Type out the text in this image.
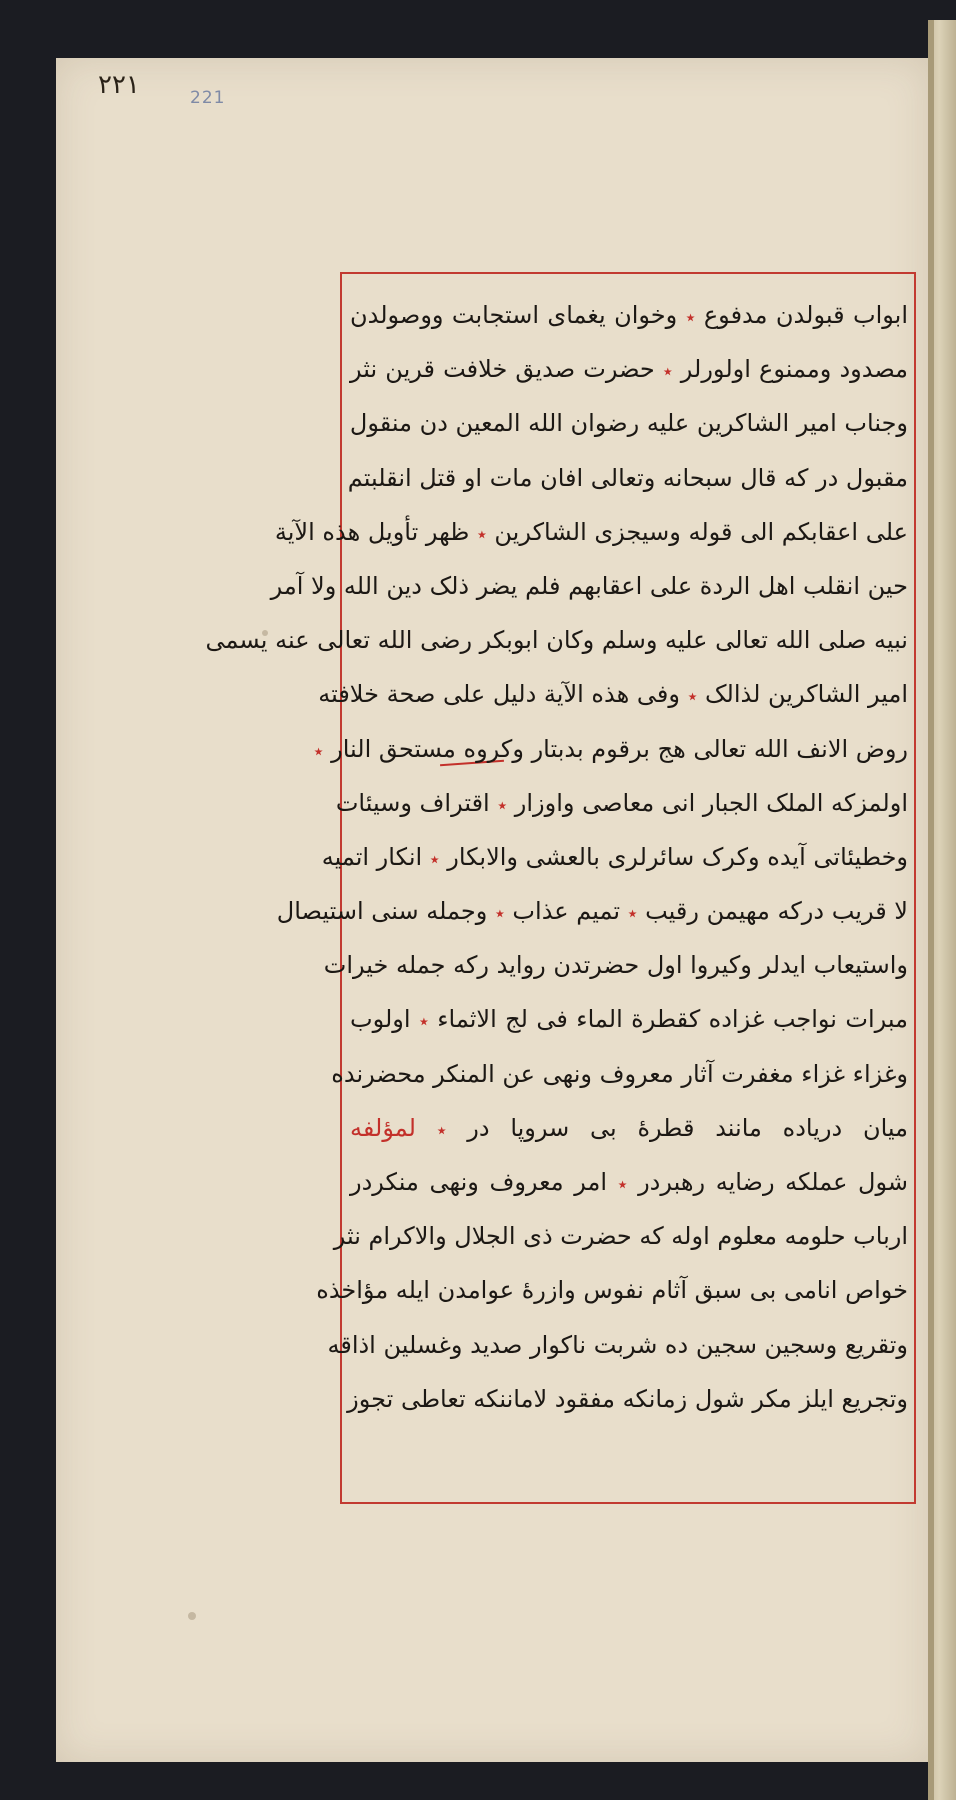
٢٢١	221
ابواب قبولدن مدفوع ٭ وخوان یغمای استجابت ووصولدن
مصدود وممنوع اولورلر ٭ حضرت صدیق خلافت قرین نثر
وجناب امیر الشاکرین علیه رضوان الله المعین دن منقول
مقبول در که قال سبحانه وتعالی افان مات او قتل انقلبتم
علی اعقابکم الی قوله وسیجزی الشاکرین ٭ ظهر تأویل هذه الآیة
حین انقلب اهل الردة علی اعقابهم فلم یضر ذلک دین الله ولا آمر
نبیه صلی الله تعالی علیه وسلم وکان ابوبکر رضی الله تعالی عنه یسمی
امیر الشاکرین لذالک ٭ وفی هذه الآیة دلیل علی صحة خلافته
روض الانف الله تعالی هج برقوم بدبتار وکروه مستحق النار ٭
اولمزکه الملک الجبار انی معاصی واوزار ٭ اقتراف وسیئات
وخطیئاتی آیده وکرک سائرلری بالعشی والابکار ٭ انکار اتمیه
لا قریب درکه مهیمن رقیب ٭ تمیم عذاب ٭ وجمله سنی استیصال
واستیعاب ایدلر وکیروا اول حضرتدن رواید رکه جمله خیرات
مبرات نواجب غزاده کقطرة الماء فی لج الاثماء ٭ اولوب
وغزاء غزاء مغفرت آثار معروف ونهی عن المنکر محضرنده
میان دریاده مانند قطرهٔ بی سروپا در ٭ لمؤلفه
شول عملکه رضایه رهبردر ٭ امر معروف ونهی منکردر
ارباب حلومه معلوم اوله که حضرت ذی الجلال والاکرام نثر
خواص انامی بی سبق آثام نفوس وازرهٔ عوامدن ایله مؤاخذه
وتقریع وسجین سجین ده شربت ناکوار صدید وغسلین اذاقه
وتجریع ایلز مکر شول زمانکه مفقود لاماننکه تعاطی تجوز
